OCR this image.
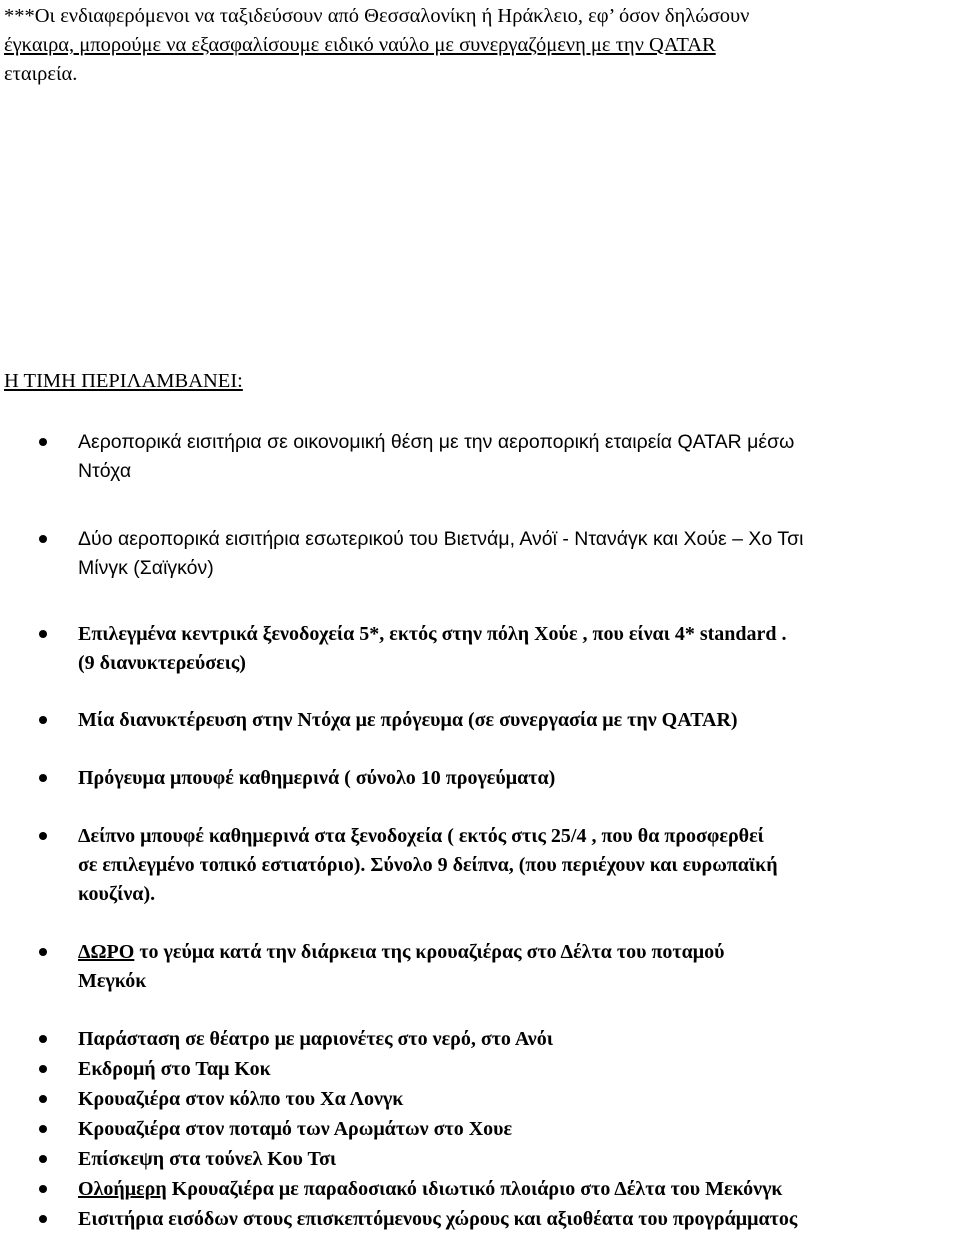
***Οι ενδιαφερόμενοι να ταξιδεύσουν από Θεσσαλονίκη ή Ηράκλειο, εφ’ όσον δηλώσουν
έγκαιρα, μπορούμε να εξασφαλίσουμε ειδικό ναύλο με συνεργαζόμενη με την QATAR
εταιρεία.
Η ΤΙΜΗ ΠΕΡΙΛΑΜΒΑΝΕΙ:
Αεροπορικά εισιτήρια σε οικονομική θέση με την αεροπορική εταιρεία QATAR μέσω
Ντόχα
Δύο αεροπορικά εισιτήρια εσωτερικού του Βιετνάμ, Ανόϊ - Ντανάγκ και Χούε – Χο Τσι
Μίνγκ (Σαϊγκόν)
Επιλεγμένα κεντρικά ξενοδοχεία 5*, εκτός στην πόλη Χούε , που είναι 4* standard .
(9 διανυκτερεύσεις)
Μία διανυκτέρευση στην Ντόχα με πρόγευμα (σε συνεργασία με την QATAR)
Πρόγευμα μπουφέ καθημερινά ( σύνολο 10 προγεύματα)
Δείπνο μπουφέ καθημερινά στα ξενοδοχεία ( εκτός στις 25/4 , που θα προσφερθεί
σε επιλεγμένο τοπικό εστιατόριο). Σύνολο 9 δείπνα, (που περιέχουν και ευρωπαϊκή
κουζίνα).
ΔΩΡΟ το γεύμα κατά την διάρκεια της κρουαζιέρας στο Δέλτα του ποταμού
Μεγκόκ
Παράσταση σε θέατρο με μαριονέτες στο νερό, στο Ανόι
Εκδρομή στο Ταμ Κοκ
Κρουαζιέρα στον κόλπο του Χα Λονγκ
Κρουαζιέρα στον ποταμό των Αρωμάτων στο Χουε
Επίσκεψη στα τούνελ Κου Τσι
Ολοήμερη Κρουαζιέρα με παραδοσιακό ιδιωτικό πλοιάριο στο Δέλτα του Μεκόνγκ
Εισιτήρια εισόδων στους επισκεπτόμενους χώρους και αξιοθέατα του προγράμματος
